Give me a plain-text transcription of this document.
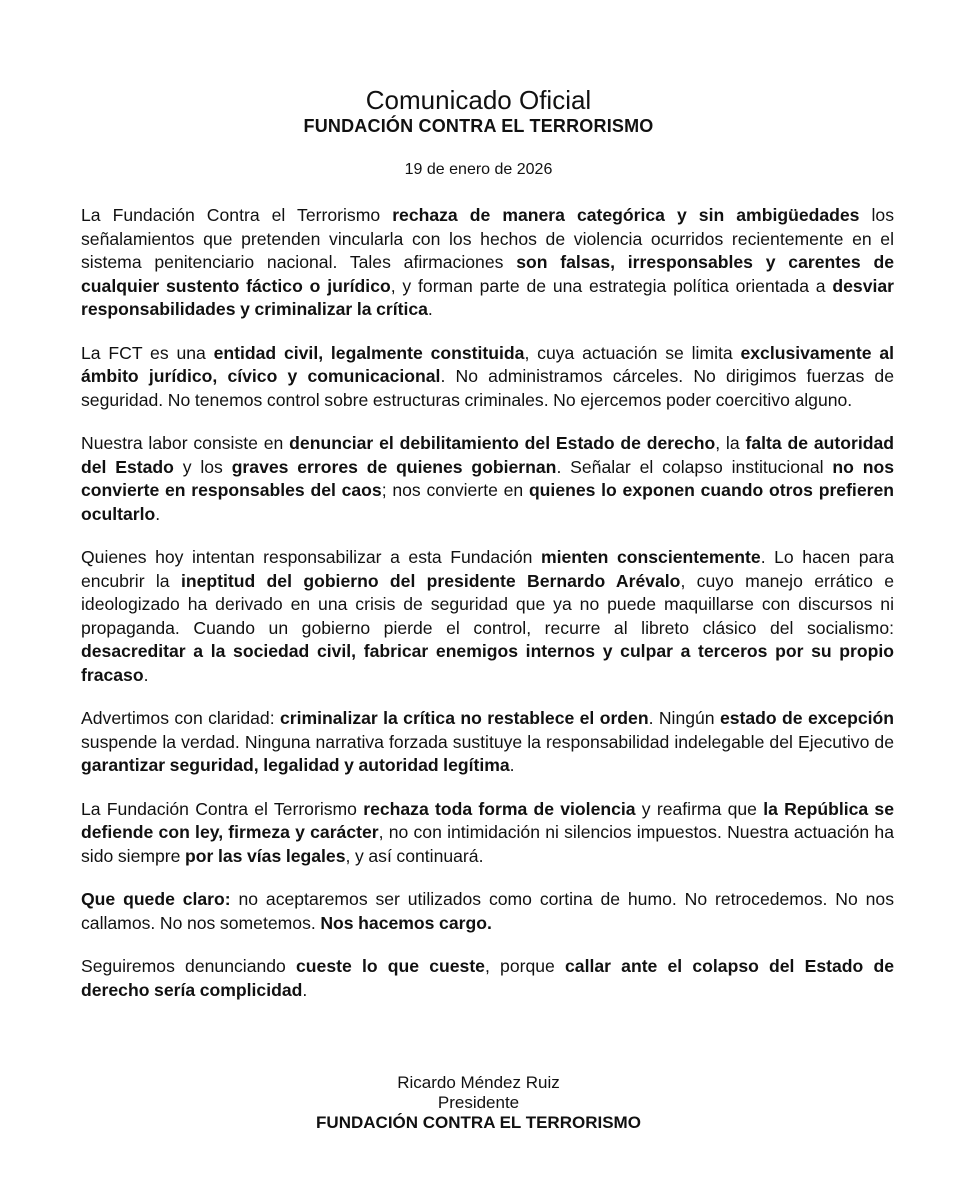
Comunicado Oficial
FUNDACIÓN CONTRA EL TERRORISMO
19 de enero de 2026

La Fundación Contra el Terrorismo rechaza de manera categórica y sin ambigüedades los señalamientos que pretenden vincularla con los hechos de violencia ocurridos recientemente en el sistema penitenciario nacional. Tales afirmaciones son falsas, irresponsables y carentes de cualquier sustento fáctico o jurídico, y forman parte de una estrategia política orientada a desviar responsabilidades y criminalizar la crítica.

La FCT es una entidad civil, legalmente constituida, cuya actuación se limita exclusivamente al ámbito jurídico, cívico y comunicacional. No administramos cárceles. No dirigimos fuerzas de seguridad. No tenemos control sobre estructuras criminales. No ejercemos poder coercitivo alguno.

Nuestra labor consiste en denunciar el debilitamiento del Estado de derecho, la falta de autoridad del Estado y los graves errores de quienes gobiernan. Señalar el colapso institucional no nos convierte en responsables del caos; nos convierte en quienes lo exponen cuando otros prefieren ocultarlo.

Quienes hoy intentan responsabilizar a esta Fundación mienten conscientemente. Lo hacen para encubrir la ineptitud del gobierno del presidente Bernardo Arévalo, cuyo manejo errático e ideologizado ha derivado en una crisis de seguridad que ya no puede maquillarse con discursos ni propaganda. Cuando un gobierno pierde el control, recurre al libreto clásico del socialismo: desacreditar a la sociedad civil, fabricar enemigos internos y culpar a terceros por su propio fracaso.

Advertimos con claridad: criminalizar la crítica no restablece el orden. Ningún estado de excepción suspende la verdad. Ninguna narrativa forzada sustituye la responsabilidad indelegable del Ejecutivo de garantizar seguridad, legalidad y autoridad legítima.

La Fundación Contra el Terrorismo rechaza toda forma de violencia y reafirma que la República se defiende con ley, firmeza y carácter, no con intimidación ni silencios impuestos. Nuestra actuación ha sido siempre por las vías legales, y así continuará.

Que quede claro: no aceptaremos ser utilizados como cortina de humo. No retrocedemos. No nos callamos. No nos sometemos. Nos hacemos cargo.

Seguiremos denunciando cueste lo que cueste, porque callar ante el colapso del Estado de derecho sería complicidad.

Ricardo Méndez Ruiz
Presidente
FUNDACIÓN CONTRA EL TERRORISMO
